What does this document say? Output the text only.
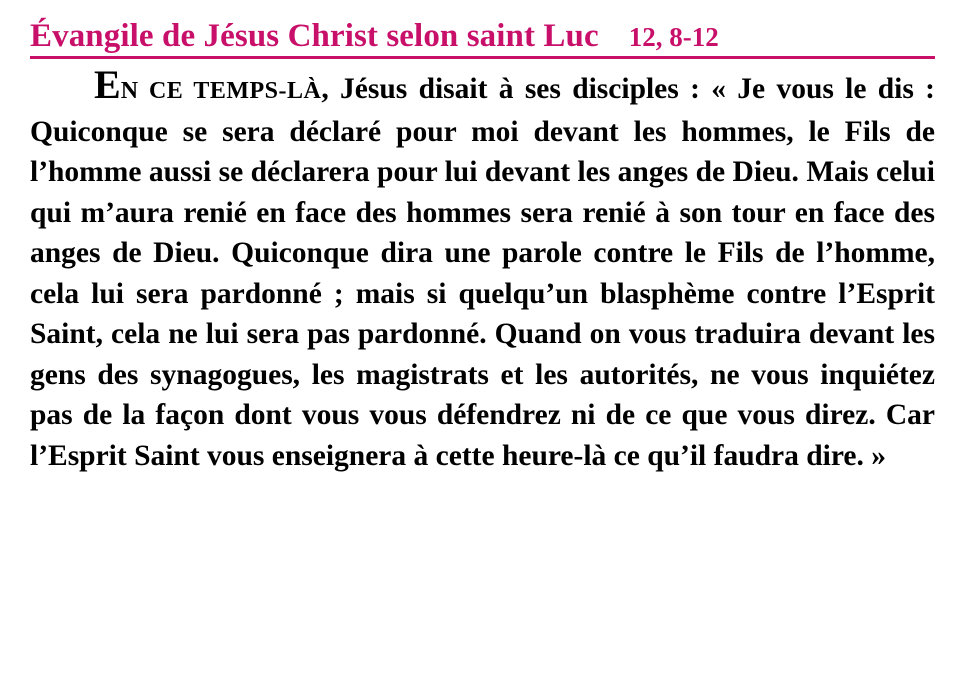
Évangile de Jésus Christ selon saint Luc 12, 8-12

EN CE TEMPS-LÀ, Jésus disait à ses disciples : « Je vous le dis : Quiconque se sera déclaré pour moi devant les hommes, le Fils de l’homme aussi se déclarera pour lui devant les anges de Dieu. Mais celui qui m’aura renié en face des hommes sera renié à son tour en face des anges de Dieu. Quiconque dira une parole contre le Fils de l’homme, cela lui sera pardonné ; mais si quelqu’un blasphème contre l’Esprit Saint, cela ne lui sera pas pardonné. Quand on vous traduira devant les gens des synagogues, les magistrats et les autorités, ne vous inquiétez pas de la façon dont vous vous défendrez ni de ce que vous direz. Car l’Esprit Saint vous enseignera à cette heure-là ce qu’il faudra dire. »
